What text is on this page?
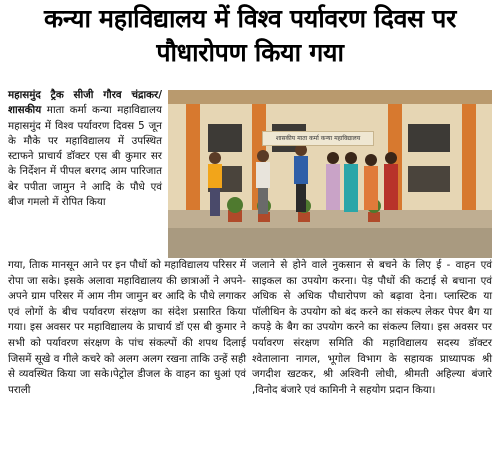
कन्या महाविद्यालय में विश्व पर्यावरण दिवस पर
पौधारोपण किया गया
महासमुंद ट्रैक सीजी गौरव चंद्राकर/शासकीय माता कर्मा कन्या महाविद्यालय महासमुंद में विश्व पर्यावरण दिवस 5 जून के मौके पर महाविद्यालय में उपस्थित स्टाफने प्राचार्य डॉक्टर एस बी कुमार सर के निर्देशन में पीपल बरगद आम पारिजात बेर पपीता जामुन ने आदि के पौधे एवं बीज गमलो में रोपित किया
शासकीय माता कर्मा कन्या महाविद्यालय
गया, तािक मानसून आने पर इन पौधों को महाविद्यालय परिसर में रोपा जा सके। इसके अलावा महाविद्यालय की छात्राओं ने अपने-अपने ग्राम परिसर में आम नीम जामुन बर आदि के पौधे लगाकर एवं लोगों के बीच पर्यावरण संरक्षण का संदेश प्रसारित किया गया। इस अवसर पर महाविद्यालय के प्राचार्य डॉ एस बी कुमार ने सभी को पर्यावरण संरक्षण के पांच संकल्पों की शपथ दिलाई जिसमें सूखे व गीले कचरे को अलग अलग रखना ताकि उन्हें सही से व्यवस्थित किया जा सके।पेट्रोल डीजल के वाहन का धुआं एवं पराली
जलाने से होने वाले नुकसान से बचने के लिए ई - वाहन एवं साइकल का उपयोग करना। पेड़ पौधों की कटाई से बचाना एवं अधिक से अधिक पौधारोपण को बढ़ावा देना। प्लास्टिक या पॉलीथिन के उपयोग को बंद करने का संकल्प लेकर पेपर बैग या कपड़े के बैग का उपयोग करने का संकल्प लिया। इस अवसर पर पर्यावरण संरक्षण समिति की महाविद्यालय सदस्य डॉक्टर श्वेतालाना नागल, भूगोल विभाग के सहायक प्राध्यापक श्री जगदीश खटकर, श्री अश्विनी लोधी, श्रीमती अहिल्या बंजारे ,विनोद बंजारे एवं कामिनी ने सहयोग प्रदान किया।
